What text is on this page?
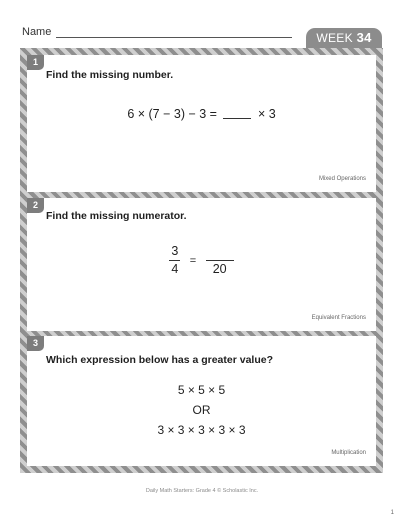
Name	WEEK 34
1
Find the missing number.
6 × (7 − 3) − 3 =	× 3
Mixed Operations
2
Find the missing numerator.
$\frac{3}{4}$ =
20
Equivalent Fractions
3
Which expression below has a greater value?
5 × 5 × 5
OR
3 × 3 × 3 × 3 × 3
Multiplication
Daily Math Starters: Grade 4 © Scholastic Inc.
1
